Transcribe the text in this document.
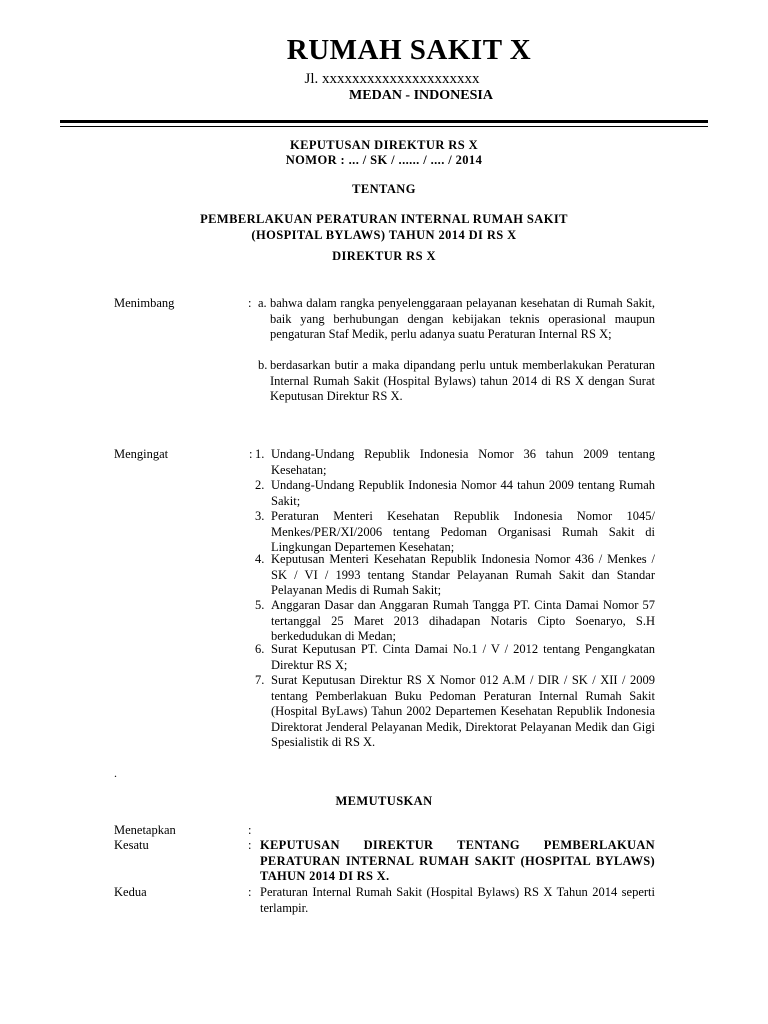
RUMAH SAKIT X
Jl. xxxxxxxxxxxxxxxxxxxxx
MEDAN - INDONESIA
KEPUTUSAN DIREKTUR RS X
NOMOR : ... / SK / ...... / .... / 2014
TENTANG
PEMBERLAKUAN PERATURAN INTERNAL RUMAH SAKIT
(HOSPITAL BYLAWS) TAHUN 2014 DI RS X
DIREKTUR RS X
Menimbang	: a. bahwa dalam rangka penyelenggaraan pelayanan kesehatan di Rumah Sakit, baik yang berhubungan dengan kebijakan teknis operasional maupun pengaturan Staf Medik, perlu adanya suatu Peraturan Internal RS X;
b. berdasarkan butir a maka dipandang perlu untuk memberlakukan Peraturan Internal Rumah Sakit (Hospital Bylaws) tahun 2014 di RS X dengan Surat Keputusan Direktur RS X.
Mengingat	: 1. Undang-Undang Republik Indonesia Nomor 36 tahun 2009 tentang Kesehatan;
2. Undang-Undang Republik Indonesia Nomor 44 tahun 2009 tentang Rumah Sakit;
3. Peraturan Menteri Kesehatan Republik Indonesia Nomor 1045/ Menkes/PER/XI/2006 tentang Pedoman Organisasi Rumah Sakit di Lingkungan Departemen Kesehatan;
4. Keputusan Menteri Kesehatan Republik Indonesia Nomor 436 / Menkes / SK / VI / 1993 tentang Standar Pelayanan Rumah Sakit dan Standar Pelayanan Medis di Rumah Sakit;
5. Anggaran Dasar dan Anggaran Rumah Tangga PT. Cinta Damai Nomor 57 tertanggal 25 Maret 2013 dihadapan Notaris Cipto Soenaryo, S.H berkedudukan di Medan;
6. Surat Keputusan PT. Cinta Damai No.1 / V / 2012 tentang Pengangkatan Direktur RS X;
7. Surat Keputusan Direktur RS X Nomor 012 A.M / DIR / SK / XII / 2009 tentang Pemberlakuan Buku Pedoman Peraturan Internal Rumah Sakit (Hospital ByLaws) Tahun 2002 Departemen Kesehatan Republik Indonesia Direktorat Jenderal Pelayanan Medik, Direktorat Pelayanan Medik dan Gigi Spesialistik di RS X.
.
MEMUTUSKAN
Menetapkan	:
Kesatu	: KEPUTUSAN DIREKTUR TENTANG PEMBERLAKUAN PERATURAN INTERNAL RUMAH SAKIT (HOSPITAL BYLAWS) TAHUN 2014 DI RS X.
Kedua	: Peraturan Internal Rumah Sakit (Hospital Bylaws) RS X Tahun 2014 seperti terlampir.
